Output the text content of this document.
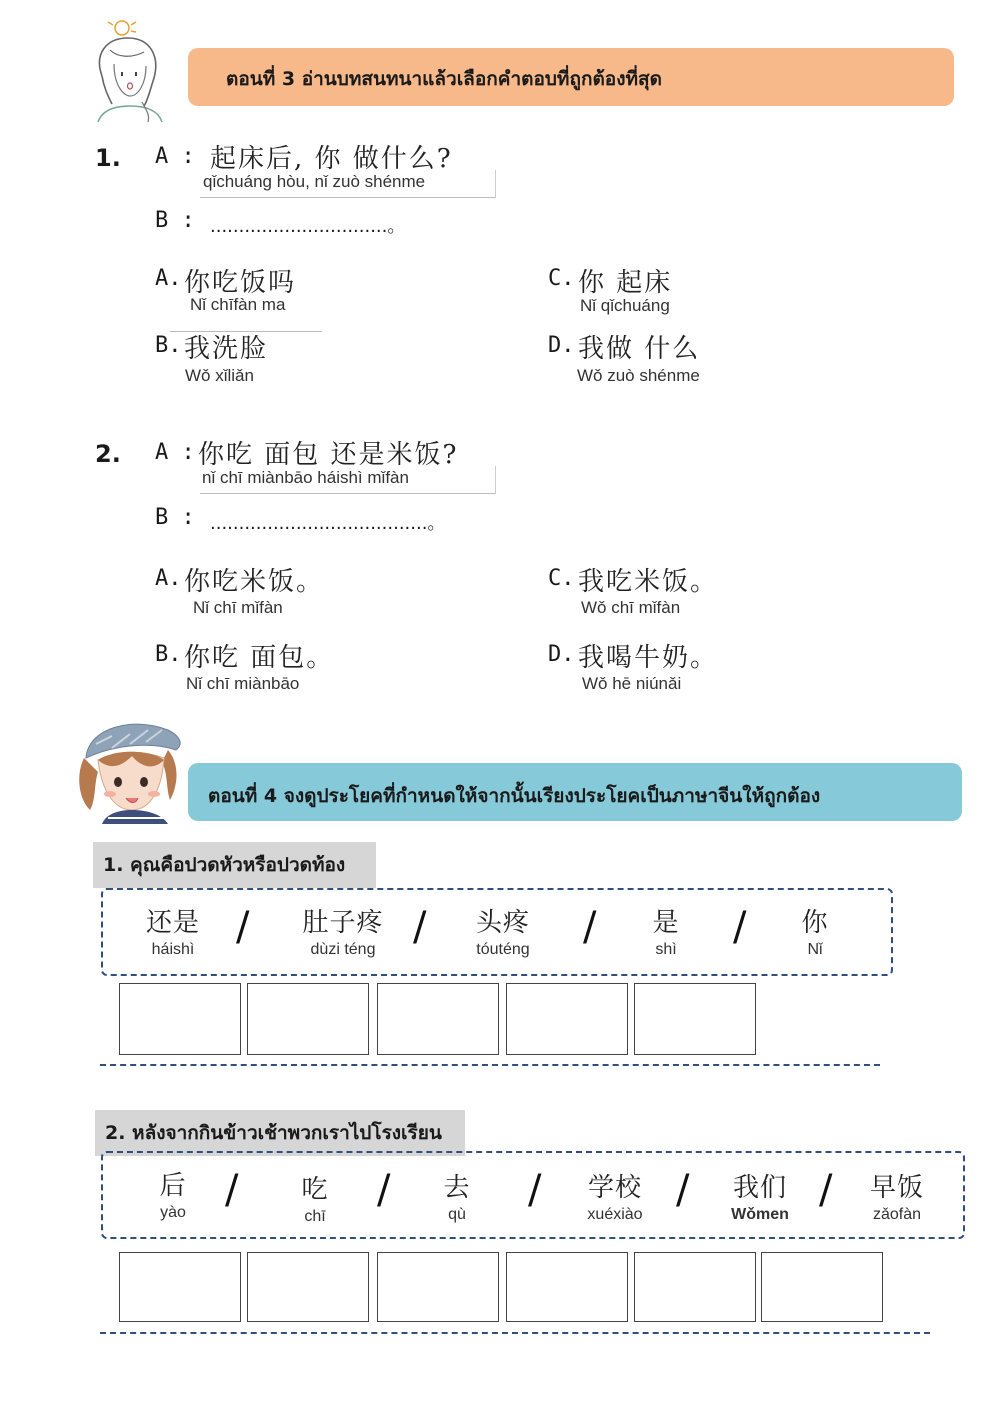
ตอนที่ 3 อ่านบทสนทนาแล้วเลือกคำตอบที่ถูกต้องที่สุด
1. A : 起床后, 你 做什么?
qǐchuáng hòu, nǐ zuò shénme
B : ...............................。
A. 你吃饭吗
Nǐ chīfàn ma
B. 我洗脸
Wǒ xǐliǎn
C. 你 起床
Nǐ qǐchuáng
D. 我做 什么
Wǒ zuò shénme
2. A : 你吃 面包 还是米饭?
nǐ chī miànbāo háishì mǐfàn
B : ......................................。
A. 你吃米饭。
Nǐ chī mǐfàn
B. 你吃 面包。
Nǐ chī miànbāo
C. 我吃米饭。
Wǒ chī mǐfàn
D. 我喝牛奶。
Wǒ hē niúnǎi
ตอนที่ 4 จงดูประโยคที่กำหนดให้จากนั้นเรียงประโยคเป็นภาษาจีนให้ถูกต้อง
1. คุณคือปวดหัวหรือปวดท้อง
还是
háishì	/	肚子疼
dùzi téng /	头疼
tóuténg	/	是
shì	/	你
Nǐ
2. หลังจากกินข้าวเช้าพวกเราไปโรงเรียน
后
yào /	吃
chī
/	去
qù
/	学校
xuéxiào
/	我们
Wǒmen
/	早饭
zǎofàn
